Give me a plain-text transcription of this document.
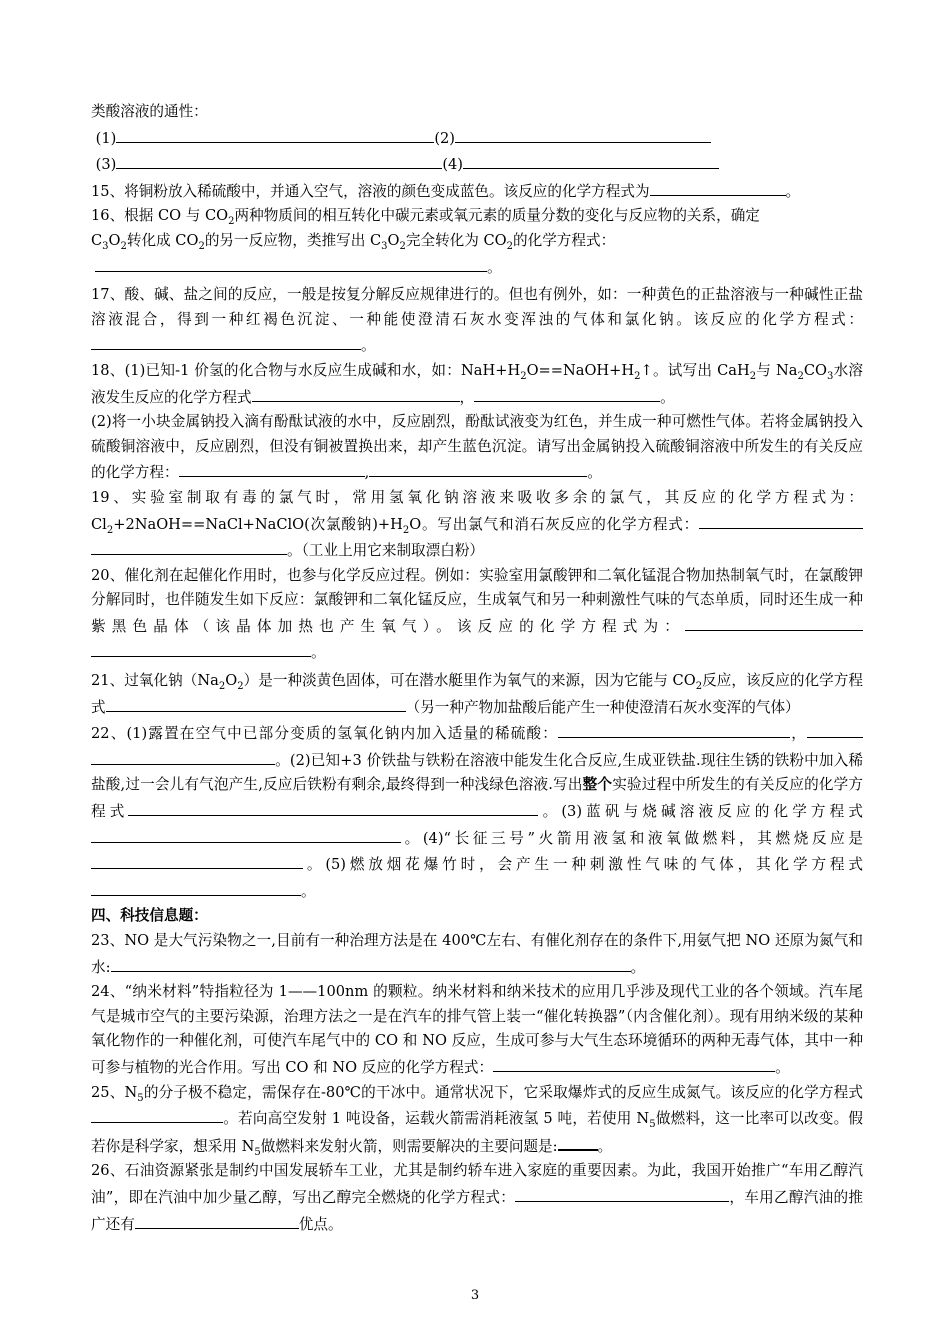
类酸溶液的通性：

(1)	(2)

(3)	(4)

15、将铜粉放入稀硫酸中，并通入空气，溶液的颜色变成蓝色。该反应的化学方程式为	。

16、根据 CO 与 $CO_2$两种物质间的相互转化中碳元素或氧元素的质量分数的变化与反应物的关系，确定
$C_3O_2$转化成 $CO_2$的另一反应物，类推写出 $C_3O_2$完全转化为 $CO_2$的化学方程式：
。

17、酸、碱、盐之间的反应，一般是按复分解反应规律进行的。但也有例外，如：一种黄色的正盐溶液与一种碱性正盐溶液混合，得到一种红褐色沉淀、一种能使澄清石灰水变浑浊的气体和氯化钠。该反应的化学方程式：。

18、(1)已知-1 价氢的化合物与水反应生成碱和水，如：$NaH+H_2O==NaOH+H_2↑$。试写出 CaH$_2$与 $Na_2CO_3$水溶液发生反应的化学方程式	，	。

(2)将一小块金属钠投入滴有酚酞试液的水中，反应剧烈，酚酞试液变为红色，并生成一种可燃性气体。若将金属钠投入硫酸铜溶液中，反应剧烈，但没有铜被置换出来，却产生蓝色沉淀。请写出金属钠投入硫酸铜溶液中所发生的有关反应的化学方程：	,	。

19、实验室制取有毒的氯气时，常用氢氧化钠溶液来吸收多余的氯气，其反应的化学方程式为：$Cl_2+2NaOH==NaCl+NaClO$(次氯酸钠)$+H_2O$。写出氯气和消石灰反应的化学方程式：。（工业上用它来制取漂白粉）

20、催化剂在起催化作用时，也参与化学反应过程。例如：实验室用氯酸钾和二氧化锰混合物加热制氧气时，在氯酸钾分解同时，也伴随发生如下反应：氯酸钾和二氧化锰反应，生成氧气和另一种刺激性气味的气态单质，同时还生成一种紫黑色晶体（该晶体加热也产生氧气）。该反应的化学方程式为：。

21、过氧化钠$(Na_2O_2)$是一种淡黄色固体，可在潜水艇里作为氧气的来源，因为它能与 $CO_2$反应，该反应的化学方程式	（另一种产物加盐酸后能产生一种使澄清石灰水变浑的气体）

22、(1)露置在空气中已部分变质的氢氧化钠内加入适量的稀硫酸：	，。(2)已知+3 价铁盐与铁粉在溶液中能发生化合反应,生成亚铁盐.现往生锈的铁粉中加入稀盐酸,过一会儿有气泡产生,反应后铁粉有剩余,最终得到一种浅绿色溶液.写出整个实验过程中所发生的有关反应的化学方程式	。(3)蓝矾与烧碱溶液反应的化学方程式。(4)“长征三号”火箭用液氢和液氧做燃料，其燃烧反应是。(5)燃放烟花爆竹时，会产生一种刺激性气味的气体，其化学方程式。

四、科技信息题：

23、NO 是大气污染物之一,目前有一种治理方法是在 400℃左右、有催化剂存在的条件下,用氨气把 NO 还原为氮气和水:	。

24、“纳米材料”特指粒径为 1——100nm 的颗粒。纳米材料和纳米技术的应用几乎涉及现代工业的各个领域。汽车尾气是城市空气的主要污染源，治理方法之一是在汽车的排气管上装一“催化转换器”（内含催化剂）。现有用纳米级的某种氧化物作的一种催化剂，可使汽车尾气中的 CO 和 NO 反应，生成可参与大气生态环境循环的两种无毒气体，其中一种可参与植物的光合作用。写出 CO 和 NO 反应的化学方程式：	。

25、$N_5$的分子极不稳定，需保存在-80℃的干冰中。通常状况下，它采取爆炸式的反应生成氮气。该反应的化学方程式。若向高空发射 1 吨设备，运载火箭需消耗液氢 5 吨，若使用 $N_5$做燃料，这一比率可以改变。假若你是科学家，想采用 $N_5$做燃料来发射火箭，则需要解决的主要问题是:	。

26、石油资源紧张是制约中国发展轿车工业，尤其是制约轿车进入家庭的重要因素。为此，我国开始推广“车用乙醇汽油”，即在汽油中加少量乙醇，写出乙醇完全燃烧的化学方程式：	，车用乙醇汽油的推广还有	优点。

3
